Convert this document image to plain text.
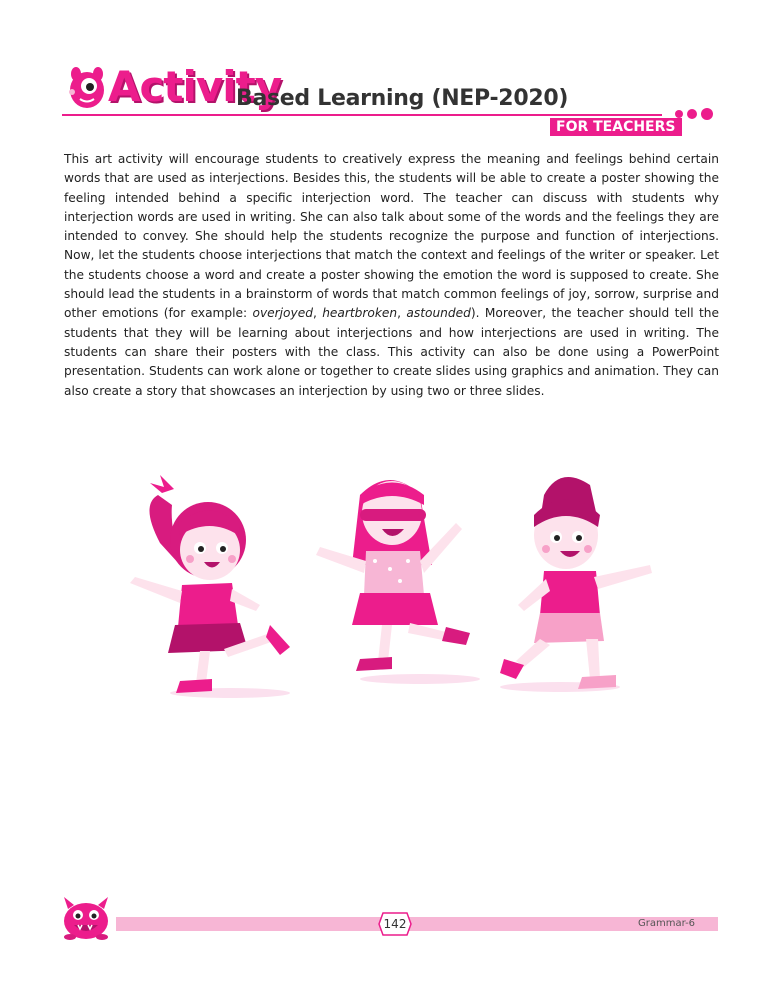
Activity
Based Learning (NEP-2020)
FOR TEACHERS

This art activity will encourage students to creatively express the meaning and feelings behind certain words that are used as interjections. Besides this, the students will be able to create a poster showing the feeling intended behind a specific interjection word. The teacher can discuss with students why interjection words are used in writing. She can also talk about some of the words and the feelings they are intended to convey. She should help the students recognize the purpose and function of interjections. Now, let the students choose interjections that match the context and feelings of the writer or speaker. Let the students choose a word and create a poster showing the emotion the word is supposed to create. She should lead the students in a brainstorm of words that match common feelings of joy, sorrow, surprise and other emotions (for example: overjoyed, heartbroken, astounded). Moreover, the teacher should tell the students that they will be learning about interjections and how interjections are used in writing. The students can share their posters with the class. This activity can also be done using a PowerPoint presentation. Students can work alone or together to create slides using graphics and animation. They can also create a story that showcases an interjection by using two or three slides.

142	Grammar-6
